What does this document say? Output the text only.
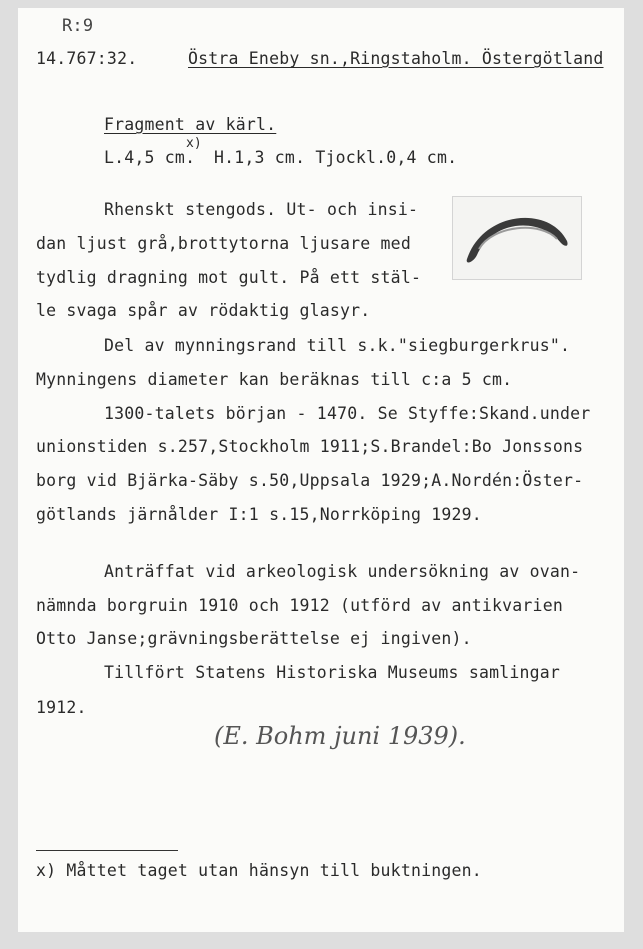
R:9
14.767:32.	Östra Eneby sn.,Ringstaholm. Östergötland
Fragment av kärl.
L.4,5 cm.
x)
H.1,3 cm. Tjockl.0,4 cm.
Rhenskt stengods. Ut- och insi-
dan ljust grå,brottytorna ljusare med
tydlig dragning mot gult. På ett stäl-
le svaga spår av rödaktig glasyr.
Del av mynningsrand till s.k."siegburgerkrus".
Mynningens diameter kan beräknas till c:a 5 cm.
1300-talets början - 1470. Se Styffe:Skand.under
unionstiden s.257,Stockholm 1911;S.Brandel:Bo Jonssons
borg vid Bjärka-Säby s.50,Uppsala 1929;A.Nordén:Öster-
götlands järnålder I:1 s.15,Norrköping 1929.
Anträffat vid arkeologisk undersökning av ovan-
nämnda borgruin 1910 och 1912 (utförd av antikvarien
Otto Janse;grävningsberättelse ej ingiven).
Tillfört Statens Historiska Museums samlingar
1912.
(E. Bohm juni 1939).
x) Måttet taget utan hänsyn till buktningen.
